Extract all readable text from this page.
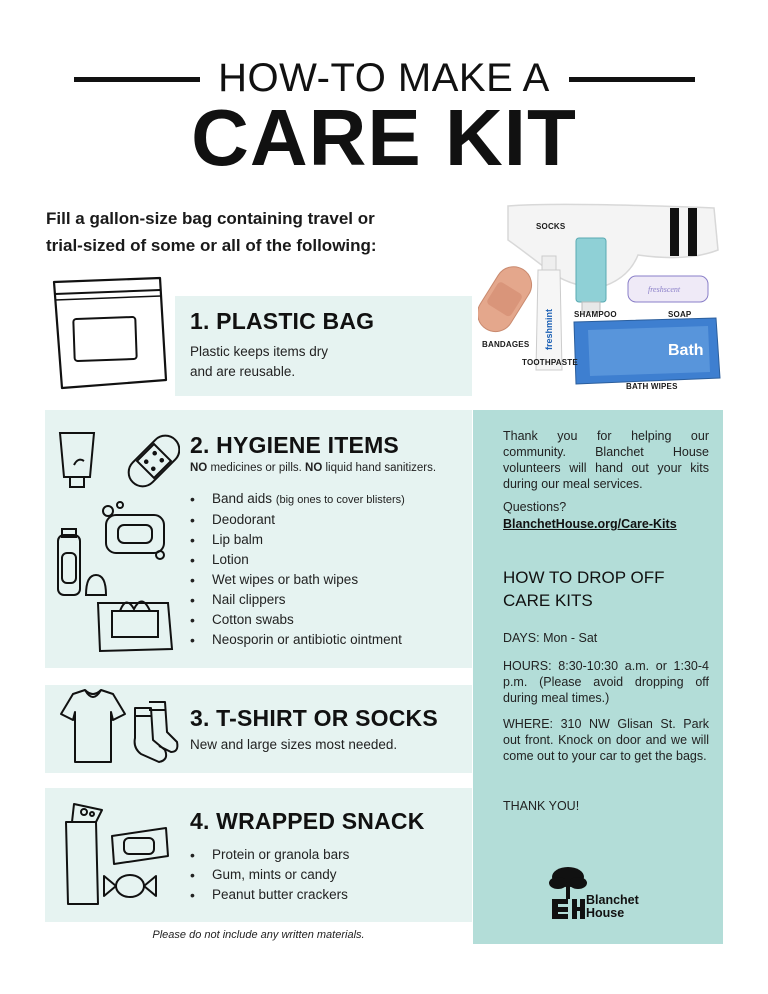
HOW-TO MAKE A
CARE KIT
Fill a gallon-size bag containing travel or
trial-sized of some or all of the following:
freshmint
freshscent
Bath
SOCKS
SHAMPOO	SOAP
BANDAGES
TOOTHPASTE
BATH WIPES
1. PLASTIC BAG
Plastic keeps items dry
and are reusable.
2. HYGIENE ITEMS
NO medicines or pills. NO liquid hand sanitizers.
• Band aids (big ones to cover blisters)
• Deodorant
• Lip balm
• Lotion
• Wet wipes or bath wipes
• Nail clippers
• Cotton swabs
• Neosporin or antibiotic ointment
3. T-SHIRT OR SOCKS
New and large sizes most needed.
4. WRAPPED SNACK
• Protein or granola bars
• Gum, mints or candy
• Peanut butter crackers
Please do not include any written materials.

Thank you for helping our community. Blanchet House volunteers will hand out your kits during our meal services.

Questions?

BlanchetHouse.org/Care-Kits

HOW TO DROP OFF
CARE KITS

DAYS: Mon - Sat

HOURS: 8:30-10:30 a.m. or 1:30-4 p.m. (Please avoid dropping off during meal times.)

WHERE: 310 NW Glisan St. Park out front. Knock on door and we will come out to your car to get the bags.

THANK YOU!

Blanchet
House
